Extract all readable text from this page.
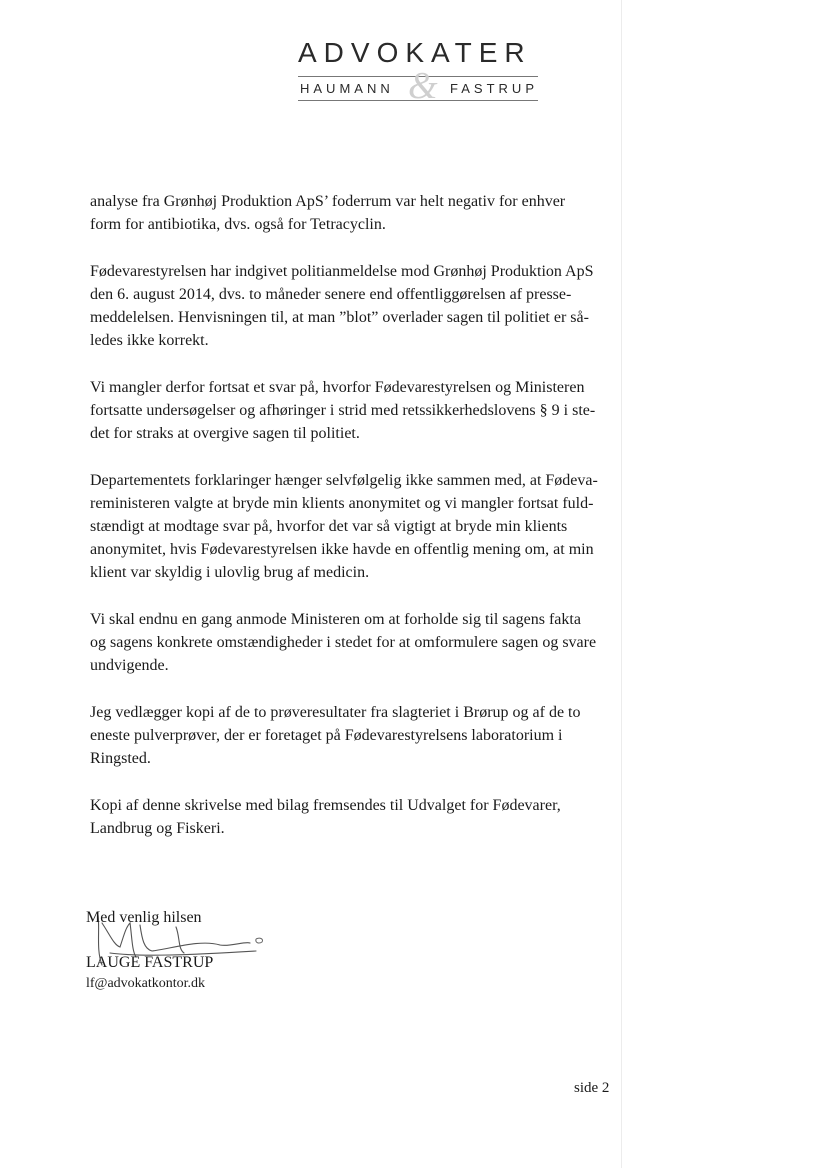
ADVOKATER
HAUMANN & FASTRUP

analyse fra Grønhøj Produktion ApS’ foderrum var helt negativ for enhver
form for antibiotika, dvs. også for Tetracyclin.

Fødevarestyrelsen har indgivet politianmeldelse mod Grønhøj Produktion ApS
den 6. august 2014, dvs. to måneder senere end offentliggørelsen af presse-
meddelelsen. Henvisningen til, at man ”blot” overlader sagen til politiet er så-
ledes ikke korrekt.

Vi mangler derfor fortsat et svar på, hvorfor Fødevarestyrelsen og Ministeren
fortsatte undersøgelser og afhøringer i strid med retssikkerhedslovens § 9 i ste-
det for straks at overgive sagen til politiet.

Departementets forklaringer hænger selvfølgelig ikke sammen med, at Fødeva-
reministeren valgte at bryde min klients anonymitet og vi mangler fortsat fuld-
stændigt at modtage svar på, hvorfor det var så vigtigt at bryde min klients
anonymitet, hvis Fødevarestyrelsen ikke havde en offentlig mening om, at min
klient var skyldig i ulovlig brug af medicin.

Vi skal endnu en gang anmode Ministeren om at forholde sig til sagens fakta
og sagens konkrete omstændigheder i stedet for at omformulere sagen og svare
undvigende.

Jeg vedlægger kopi af de to prøveresultater fra slagteriet i Brørup og af de to
eneste pulverprøver, der er foretaget på Fødevarestyrelsens laboratorium i
Ringsted.

Kopi af denne skrivelse med bilag fremsendes til Udvalget for Fødevarer,
Landbrug og Fiskeri.

Med venlig hilsen
LAUGE FASTRUP
lf@advokatkontor.dk
side 2
